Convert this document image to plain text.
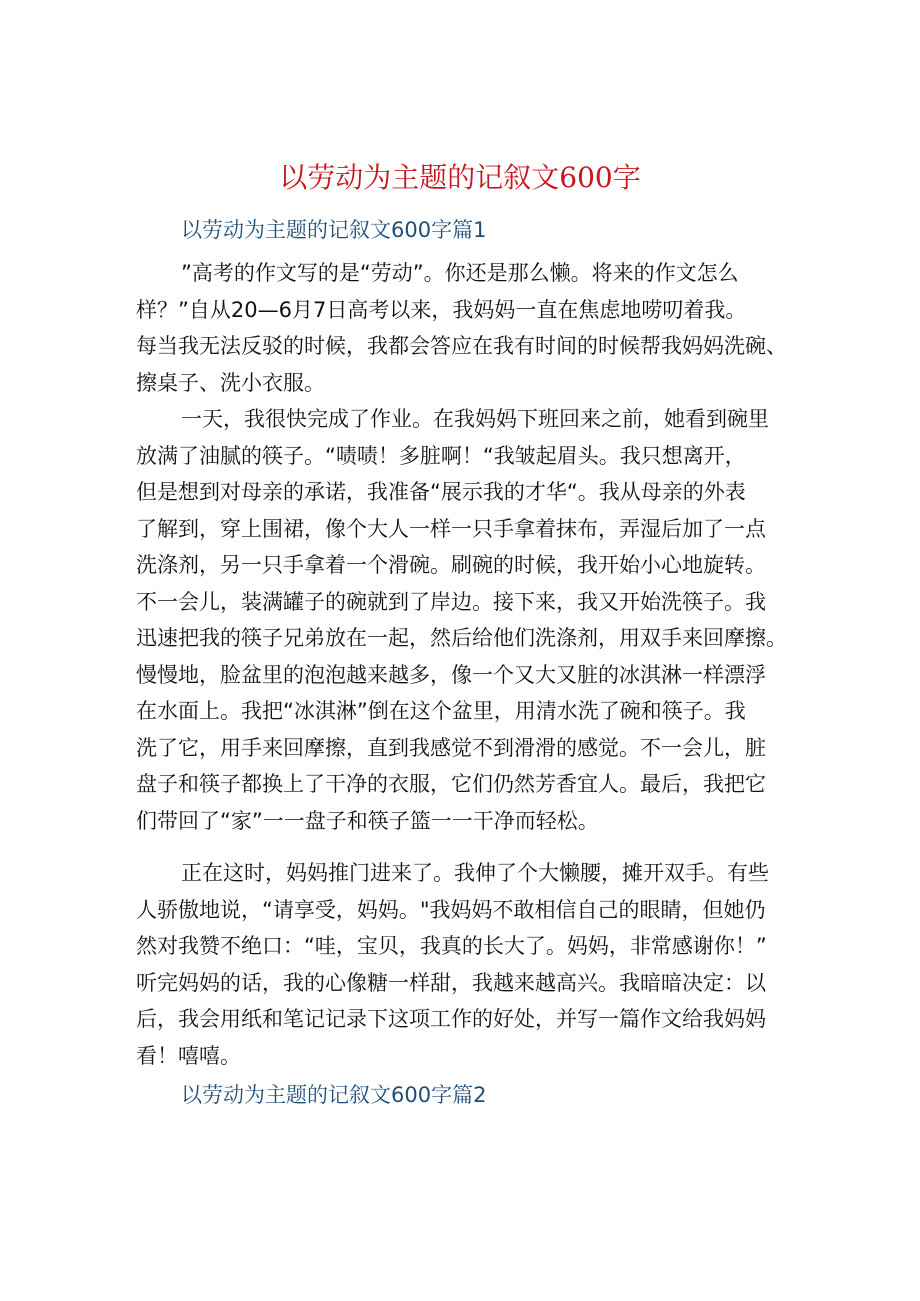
以劳动为主题的记叙文600字
以劳动为主题的记叙文600字篇1

”高考的作文写的是“劳动”。你还是那么懒。将来的作文怎么
样？”自从20—6月7日高考以来，我妈妈一直在焦虑地唠叨着我。
每当我无法反驳的时候，我都会答应在我有时间的时候帮我妈妈洗碗、
擦桌子、洗小衣服。

一天，我很快完成了作业。在我妈妈下班回来之前，她看到碗里
放满了油腻的筷子。“啧啧！多脏啊！“我皱起眉头。我只想离开，
但是想到对母亲的承诺，我准备“展示我的才华“。我从母亲的外表
了解到，穿上围裙，像个大人一样一只手拿着抹布，弄湿后加了一点
洗涤剂，另一只手拿着一个滑碗。刷碗的时候，我开始小心地旋转。
不一会儿，装满罐子的碗就到了岸边。接下来，我又开始洗筷子。我
迅速把我的筷子兄弟放在一起，然后给他们洗涤剂，用双手来回摩擦。
慢慢地，脸盆里的泡泡越来越多，像一个又大又脏的冰淇淋一样漂浮
在水面上。我把“冰淇淋”倒在这个盆里，用清水洗了碗和筷子。我
洗了它，用手来回摩擦，直到我感觉不到滑滑的感觉。不一会儿，脏
盘子和筷子都换上了干净的衣服，它们仍然芳香宜人。最后，我把它
们带回了“家”一一盘子和筷子篮一一干净而轻松。

正在这时，妈妈推门进来了。我伸了个大懒腰，摊开双手。有些
人骄傲地说，“请享受，妈妈。"我妈妈不敢相信自己的眼睛，但她仍
然对我赞不绝口：“哇，宝贝，我真的长大了。妈妈，非常感谢你！”
听完妈妈的话，我的心像糖一样甜，我越来越高兴。我暗暗决定：以
后，我会用纸和笔记记录下这项工作的好处，并写一篇作文给我妈妈
看！嘻嘻。

以劳动为主题的记叙文600字篇2
